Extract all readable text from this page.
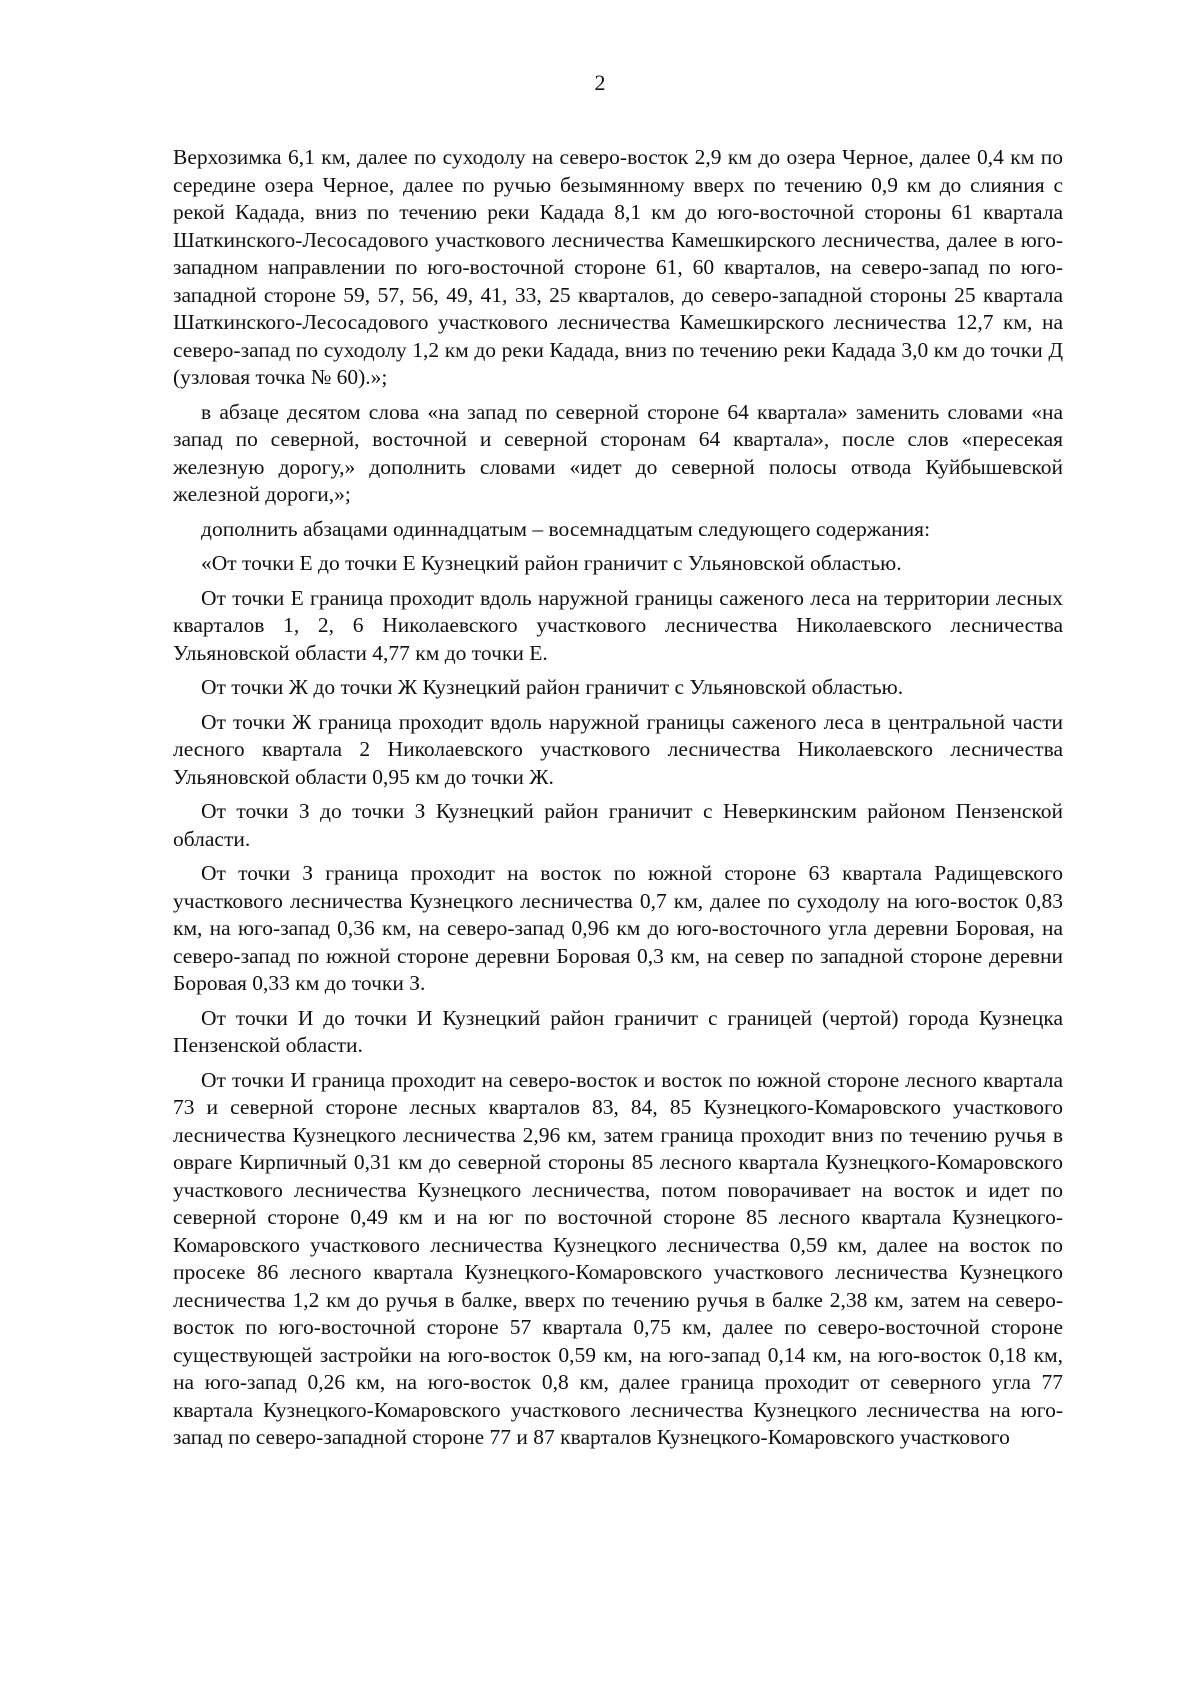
2

Верхозимка 6,1 км, далее по суходолу на северо-восток 2,9 км до озера Черное, далее 0,4 км по середине озера Черное, далее по ручью безымянному вверх по течению 0,9 км до слияния с рекой Кадада, вниз по течению реки Кадада 8,1 км до юго-восточной стороны 61 квартала Шаткинского-Лесосадового участкового лесничества Камешкирского лесничества, далее в юго-западном направлении по юго-восточной стороне 61, 60 кварталов, на северо-запад по юго-западной стороне 59, 57, 56, 49, 41, 33, 25 кварталов, до северо-западной стороны 25 квартала Шаткинского-Лесосадового участкового лесничества Камешкирского лесничества 12,7 км, на северо-запад по суходолу 1,2 км до реки Кадада, вниз по течению реки Кадада 3,0 км до точки Д (узловая точка № 60).»;

в абзаце десятом слова «на запад по северной стороне 64 квартала» заменить словами «на запад по северной, восточной и северной сторонам 64 квартала», после слов «пересекая железную дорогу,» дополнить словами «идет до северной полосы отвода Куйбышевской железной дороги,»;

дополнить абзацами одиннадцатым – восемнадцатым следующего содержания:

«От точки Е до точки Е Кузнецкий район граничит с Ульяновской областью.

От точки Е граница проходит вдоль наружной границы саженого леса на территории лесных кварталов 1, 2, 6 Николаевского участкового лесничества Николаевского лесничества Ульяновской области 4,77 км до точки Е.

От точки Ж до точки Ж Кузнецкий район граничит с Ульяновской областью.

От точки Ж граница проходит вдоль наружной границы саженого леса в центральной части лесного квартала 2 Николаевского участкового лесничества Николаевского лесничества Ульяновской области 0,95 км до точки Ж.

От точки З до точки З Кузнецкий район граничит с Неверкинским районом Пензенской области.

От точки З граница проходит на восток по южной стороне 63 квартала Радищевского участкового лесничества Кузнецкого лесничества 0,7 км, далее по суходолу на юго-восток 0,83 км, на юго-запад 0,36 км, на северо-запад 0,96 км до юго-восточного угла деревни Боровая, на северо-запад по южной стороне деревни Боровая 0,3 км, на север по западной стороне деревни Боровая 0,33 км до точки З.

От точки И до точки И Кузнецкий район граничит с границей (чертой) города Кузнецка Пензенской области.

От точки И граница проходит на северо-восток и восток по южной стороне лесного квартала 73 и северной стороне лесных кварталов 83, 84, 85 Кузнецкого-Комаровского участкового лесничества Кузнецкого лесничества 2,96 км, затем граница проходит вниз по течению ручья в овраге Кирпичный 0,31 км до северной стороны 85 лесного квартала Кузнецкого-Комаровского участкового лесничества Кузнецкого лесничества, потом поворачивает на восток и идет по северной стороне 0,49 км и на юг по восточной стороне 85 лесного квартала Кузнецкого-Комаровского участкового лесничества Кузнецкого лесничества 0,59 км, далее на восток по просеке 86 лесного квартала Кузнецкого-Комаровского участкового лесничества Кузнецкого лесничества 1,2 км до ручья в балке, вверх по течению ручья в балке 2,38 км, затем на северо-восток по юго-восточной стороне 57 квартала 0,75 км, далее по северо-восточной стороне существующей застройки на юго-восток 0,59 км, на юго-запад 0,14 км, на юго-восток 0,18 км, на юго-запад 0,26 км, на юго-восток 0,8 км, далее граница проходит от северного угла 77 квартала Кузнецкого-Комаровского участкового лесничества Кузнецкого лесничества на юго-запад по северо-западной стороне 77 и 87 кварталов Кузнецкого-Комаровского участкового
